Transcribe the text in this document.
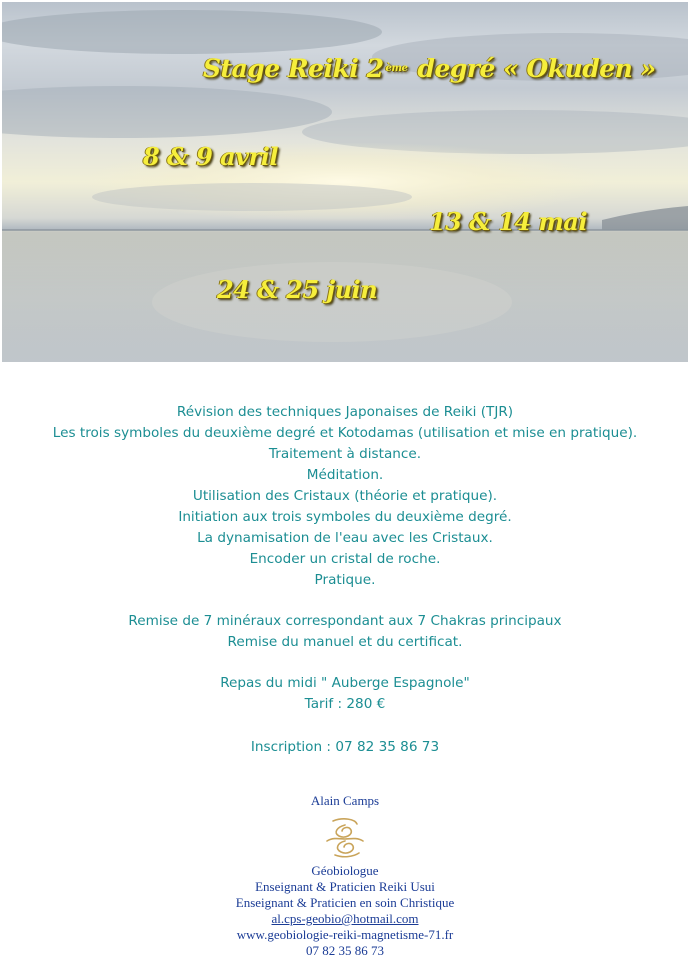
Stage Reiki 2 $^{ème}$ degré « Okuden »
8 & 9 avril
13 & 14 mai
24 & 25 juin

Révision des techniques Japonaises de Reiki (TJR)

Les trois symboles du deuxième degré et Kotodamas (utilisation et mise en pratique).

Traitement à distance.

Méditation.

Utilisation des Cristaux (théorie et pratique).

Initiation aux trois symboles du deuxième degré.

La dynamisation de l'eau avec les Cristaux.

Encoder un cristal de roche.

Pratique.

Remise de 7 minéraux correspondant aux 7 Chakras principaux

Remise du manuel et du certificat.

Repas du midi " Auberge Espagnole"

Tarif : 280 €

Inscription : 07 82 35 86 73

Alain Camps

Géobiologue

Enseignant & Praticien Reiki Usui

Enseignant & Praticien en soin Christique

al.cps-geobio@hotmail.com

www.geobiologie-reiki-magnetisme-71.fr

07 82 35 86 73
